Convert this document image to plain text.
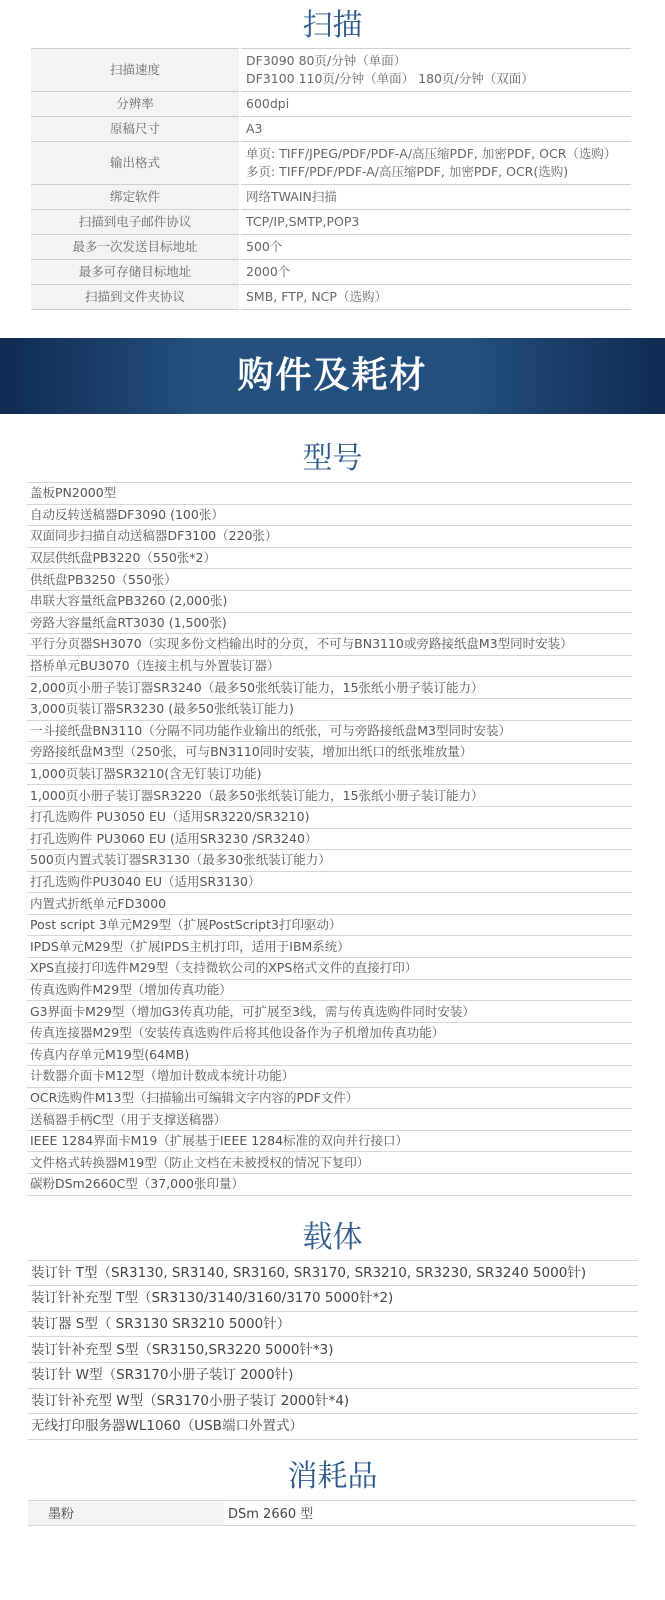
扫描
扫描速度	DF3090 80页/分钟（单面）
DF3100 110页/分钟（单面） 180页/分钟（双面）

分辨率	600dpi

原稿尺寸	A3

输出格式	单页: TIFF/JPEG/PDF/PDF-A/高压缩PDF, 加密PDF, OCR（选购）
多页: TIFF/PDF/PDF-A/高压缩PDF, 加密PDF, OCR(选购)

绑定软件	网络TWAIN扫描

扫描到电子邮件协议	TCP/IP,SMTP,POP3

最多一次发送目标地址	500个

最多可存储目标地址	2000个

扫描到文件夹协议	SMB, FTP, NCP（选购）
购件及耗材
型号
盖板PN2000型
自动反转送稿器DF3090 (100张）
双面同步扫描自动送稿器DF3100（220张）
双层供纸盘PB3220（550张*2）
供纸盘PB3250（550张）
串联大容量纸盒PB3260 (2,000张)
旁路大容量纸盒RT3030 (1,500张)
平行分页器SH3070（实现多份文档输出时的分页，不可与BN3110或旁路接纸盘M3型同时安装）
搭桥单元BU3070（连接主机与外置装订器）
2,000页小册子装订器SR3240（最多50张纸装订能力，15张纸小册子装订能力）
3,000页装订器SR3230 (最多50张纸装订能力)
一斗接纸盘BN3110（分隔不同功能作业输出的纸张，可与旁路接纸盘M3型同时安装）
旁路接纸盘M3型（250张，可与BN3110同时安装，增加出纸口的纸张堆放量）
1,000页装订器SR3210(含无钉装订功能)
1,000页小册子装订器SR3220（最多50张纸装订能力，15张纸小册子装订能力）
打孔选购件 PU3050 EU（适用SR3220/SR3210)
打孔选购件 PU3060 EU (适用SR3230 /SR3240）
500页内置式装订器SR3130（最多30张纸装订能力）
打孔选购件PU3040 EU（适用SR3130）
内置式折纸单元FD3000
Post script 3单元M29型（扩展PostScript3打印驱动）
IPDS单元M29型（扩展IPDS主机打印，适用于IBM系统）
XPS直接打印选件M29型（支持微软公司的XPS格式文件的直接打印）
传真选购件M29型（增加传真功能）
G3界面卡M29型（增加G3传真功能，可扩展至3线，需与传真选购件同时安装）
传真连接器M29型（安装传真选购件后将其他设备作为子机增加传真功能）
传真内存单元M19型(64MB)
计数器介面卡M12型（增加计数成本统计功能）
OCR选购件M13型（扫描输出可编辑文字内容的PDF文件）
送稿器手柄C型（用于支撑送稿器）
IEEE 1284界面卡M19（扩展基于IEEE 1284标准的双向并行接口）
文件格式转换器M19型（防止文档在未被授权的情况下复印）
碳粉DSm2660C型（37,000张印量）
载体
装订针 T型（SR3130, SR3140, SR3160, SR3170, SR3210, SR3230, SR3240 5000针)
装订针补充型 T型（SR3130/3140/3160/3170 5000针*2)
装订器 S型（ SR3130 SR3210 5000针）
装订针补充型 S型（SR3150,SR3220 5000针*3)
装订针 W型（SR3170小册子装订 2000针)
装订针补充型 W型（SR3170小册子装订 2000针*4)
无线打印服务器WL1060（USB端口外置式）
消耗品
墨粉	DSm 2660 型
